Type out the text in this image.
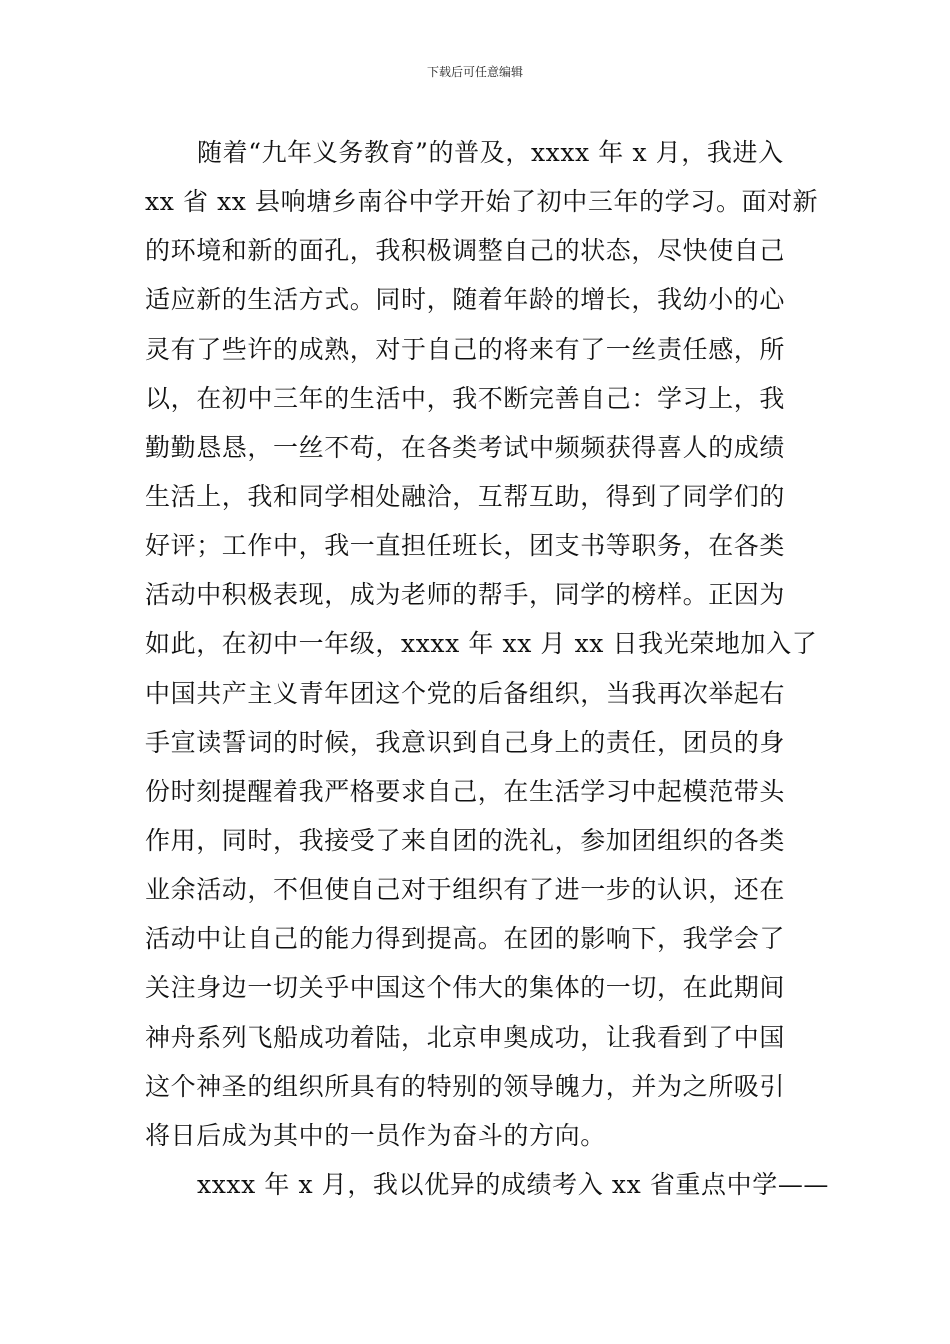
下载后可任意编辑
随着“九年义务教育”的普及，xxxx 年 x 月，我进入
xx 省 xx 县响塘乡南谷中学开始了初中三年的学习。面对新
的环境和新的面孔，我积极调整自己的状态，尽快使自己
适应新的生活方式。同时，随着年龄的增长，我幼小的心
灵有了些许的成熟，对于自己的将来有了一丝责任感，所
以，在初中三年的生活中，我不断完善自己：学习上，我
勤勤恳恳，一丝不苟，在各类考试中频频获得喜人的成绩
生活上，我和同学相处融洽，互帮互助，得到了同学们的
好评；工作中，我一直担任班长，团支书等职务，在各类
活动中积极表现，成为老师的帮手，同学的榜样。正因为
如此，在初中一年级，xxxx 年 xx 月 xx 日我光荣地加入了
中国共产主义青年团这个党的后备组织，当我再次举起右
手宣读誓词的时候，我意识到自己身上的责任，团员的身
份时刻提醒着我严格要求自己，在生活学习中起模范带头
作用，同时，我接受了来自团的洗礼，参加团组织的各类
业余活动，不但使自己对于组织有了进一步的认识，还在
活动中让自己的能力得到提高。在团的影响下，我学会了
关注身边一切关乎中国这个伟大的集体的一切，在此期间
神舟系列飞船成功着陆，北京申奥成功，让我看到了中国
这个神圣的组织所具有的特别的领导魄力，并为之所吸引
将日后成为其中的一员作为奋斗的方向。
xxxx 年 x 月，我以优异的成绩考入 xx 省重点中学——
